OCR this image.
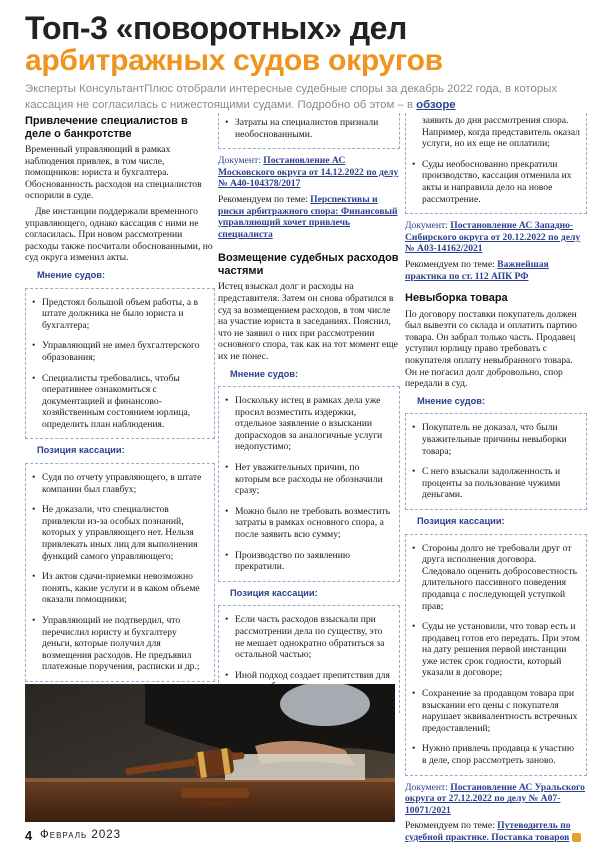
Топ-3 «поворотных» дел
арбитражных судов округов
Эксперты КонсультантПлюс отобрали интересные судебные споры за декабрь 2022 года, в которых кассация не согласилась с нижестоящими судами. Подробно об этом – в обзоре

Привлечение специалистов в деле о банкротстве

Временный управляющий в рамках наблюдения привлек, в том числе, помощников: юриста и бухгалтера. Обоснованность расходов на специалистов оспорили в суде.

Две инстанции поддержали временного управляющего, однако кассация с ними не согласилась. При новом рассмотрении расходы также посчитали обоснованными, но суд округа изменил акты.

Мнение судов:
• Предстоял большой объем работы, а в штате должника не было юриста и бухгалтера;
• Управляющий не имел бухгалтерского образования;
• Специалисты требовались, чтобы оперативнее ознакомиться с документацией и финансово-хозяйственным состоянием юрлица, определить план наблюдения.
Позиция кассации:
• Судя по отчету управляющего, в штате компании был главбух;
• Не доказали, что специалистов привлекли из-за особых познаний, которых у управляющего нет. Нельзя привлекать иных лиц для выполнения функций самого управляющего;
• Из актов сдачи-приемки невозможно понять, какие услуги и в каком объеме оказали помощники;
• Управляющий не подтвердил, что перечислил юристу и бухгалтеру деньги, которые получил для возмещения расходов. Не предъявил платежные поручения, расписки и др.;
• Затраты на специалистов признали необоснованными.

Документ: Постановление АС Московского округа от 14.12.2022 по делу № А40-104378/2017

Рекомендуем по теме: Перспективы и риски арбитражного спора: Финансовый управляющий хочет привлечь специалиста

Возмещение судебных расходов частями

Истец взыскал долг и расходы на представителя. Затем он снова обратился в суд за возмещением расходов, в том числе на участие юриста в заседаниях. Пояснил, что не заявил о них при рассмотрении основного спора, так как на тот момент еще их не понес.

Мнение судов:
• Поскольку истец в рамках дела уже просил возместить издержки, отдельное заявление о взыскании допрасходов за аналогичные услуги недопустимо;
• Нет уважительных причин, по которым все расходы не обозначили сразу;
• Можно было не требовать возместить затраты в рамках основного спора, а после заявить всю сумму;
• Производство по заявлению прекратили.
Позиция кассации:
• Если часть расходов взыскали при рассмотрении дела по существу, это не мешает однократно обратиться за остальной частью;
• Иной подход создает препятствия для
заявить до дня рассмотрения спора. Например, когда представитель оказал услуги, но их еще не оплатили;
• Суды необоснованно прекратили производство, кассация отменила их акты и направила дело на новое рассмотрение.

Документ: Постановление АС Западно-Сибирского округа от 20.12.2022 по делу № А03-14162/2021

Рекомендуем по теме: Важнейшая практика по ст. 112 АПК РФ

Невыборка товара

По договору поставки покупатель должен был вывезти со склада и оплатить партию товара. Он забрал только часть. Продавец уступил юрлицу право требовать с покупателя оплату невыбранного товара. Он не погасил долг добровольно, спор передали в суд.

Мнение судов:
• Покупатель не доказал, что были уважительные причины невыборки товара;
• С него взыскали задолженность и проценты за пользование чужими деньгами.
Позиция кассации:
• Стороны долго не требовали друг от друга исполнения договора. Следовало оценить добросовестность длительного пассивного поведения продавца с последующей уступкой прав;
• Суды не установили, что товар есть и продавец готов его передать. При этом на дату решения первой инстанции уже истек срок годности, который указали в договоре;
• Сохранение за продавцом товара при взыскании его цены с покупателя нарушает эквивалентность встречных предоставлений;
• Нужно привлечь продавца к участию в деле, спор рассмотреть заново.

Документ: Постановление АС Уральского округа от 27.12.2022 по делу № А07-10071/2021

Рекомендуем по теме: Путеводитель по судебной практике. Поставка товаров

4 Февраль 2023
